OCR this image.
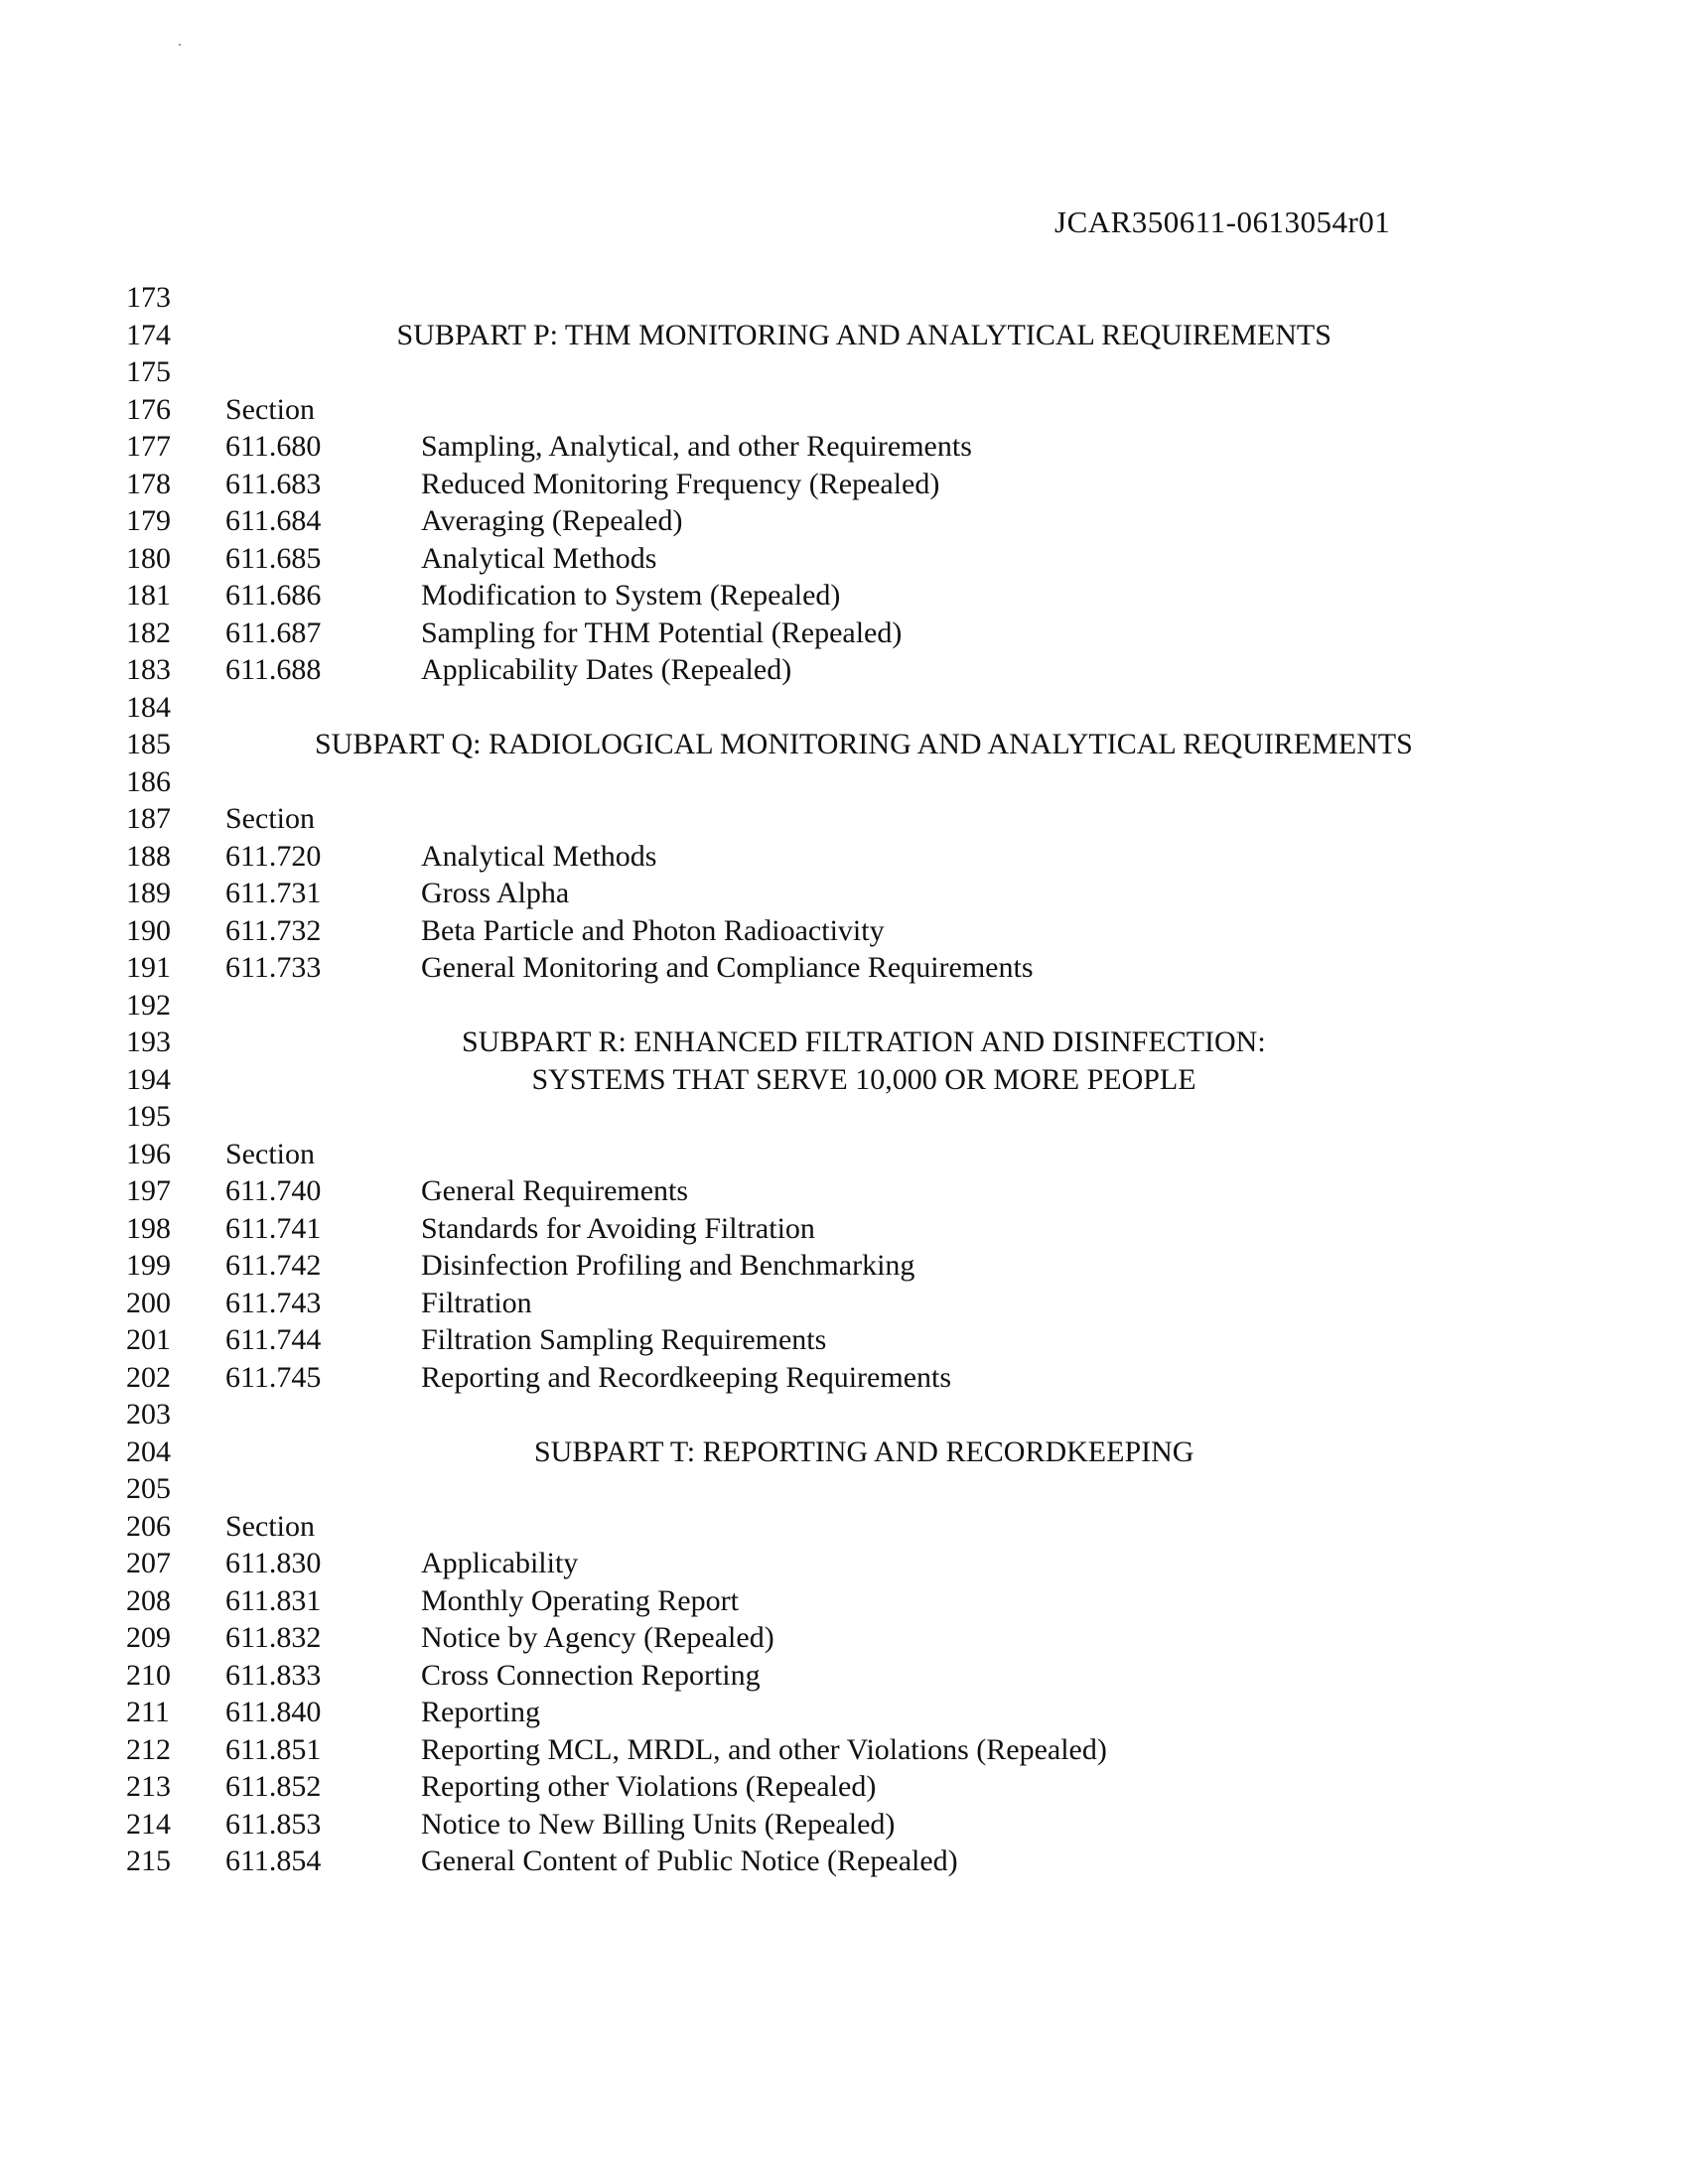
JCAR350611-0613054r01
173
174	SUBPART P: THM MONITORING AND ANALYTICAL REQUIREMENTS
175
176 Section
177 611.680	Sampling, Analytical, and other Requirements
178 611.683	Reduced Monitoring Frequency (Repealed)
179 611.684	Averaging (Repealed)
180 611.685	Analytical Methods
181 611.686	Modification to System (Repealed)
182 611.687	Sampling for THM Potential (Repealed)
183 611.688	Applicability Dates (Repealed)
184
185	SUBPART Q: RADIOLOGICAL MONITORING AND ANALYTICAL REQUIREMENTS
186
187 Section
188 611.720	Analytical Methods
189 611.731	Gross Alpha
190 611.732	Beta Particle and Photon Radioactivity
191 611.733	General Monitoring and Compliance Requirements
192
193	SUBPART R: ENHANCED FILTRATION AND DISINFECTION:
194	SYSTEMS THAT SERVE 10,000 OR MORE PEOPLE
195
196 Section
197 611.740	General Requirements
198 611.741	Standards for Avoiding Filtration
199 611.742	Disinfection Profiling and Benchmarking
200 611.743	Filtration
201 611.744	Filtration Sampling Requirements
202 611.745	Reporting and Recordkeeping Requirements
203
204	SUBPART T: REPORTING AND RECORDKEEPING
205
206 Section
207 611.830	Applicability
208 611.831	Monthly Operating Report
209 611.832	Notice by Agency (Repealed)
210 611.833	Cross Connection Reporting
211 611.840	Reporting
212 611.851	Reporting MCL, MRDL, and other Violations (Repealed)
213 611.852	Reporting other Violations (Repealed)
214 611.853	Notice to New Billing Units (Repealed)
215 611.854	General Content of Public Notice (Repealed)
